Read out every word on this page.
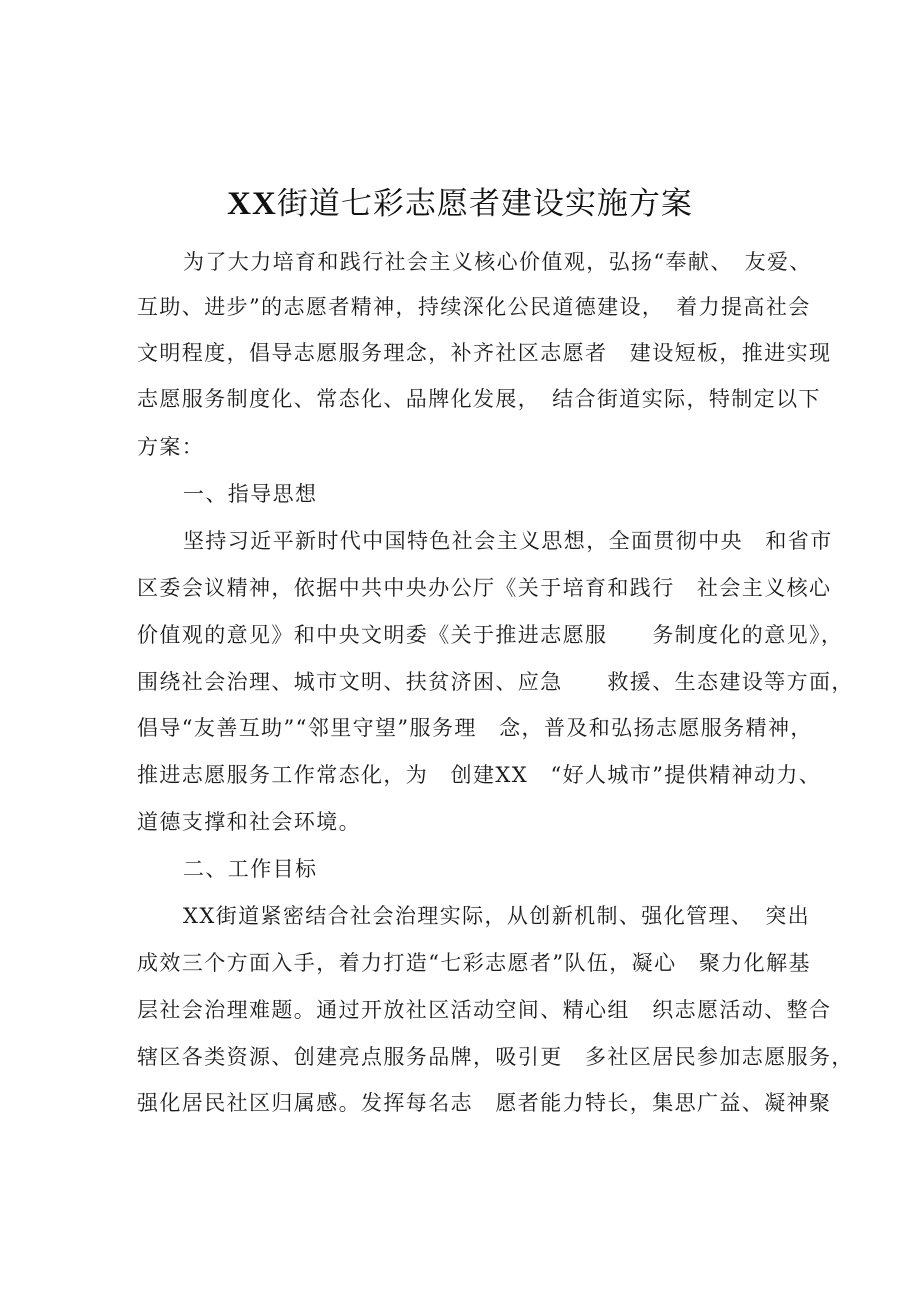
XX街道七彩志愿者建设实施方案
为了大力培育和践行社会主义核心价值观，弘扬“奉献、　友爱、
互助、进步”的志愿者精神，持续深化公民道德建设，　着力提高社会
文明程度，倡导志愿服务理念，补齐社区志愿者　建设短板，推进实现
志愿服务制度化、常态化、品牌化发展，　结合街道实际，特制定以下
方案：
一、指导思想
坚持习近平新时代中国特色社会主义思想，全面贯彻中央　和省市
区委会议精神，依据中共中央办公厅《关于培育和践行　社会主义核心
价值观的意见》和中央文明委《关于推进志愿服　　务制度化的意见》，
围绕社会治理、城市文明、扶贫济困、应急　　救援、生态建设等方面，
倡导“友善互助”“邻里守望”服务理　念，普及和弘扬志愿服务精神，
推进志愿服务工作常态化，为　创建XX　“好人城市”提供精神动力、
道德支撑和社会环境。
二、工作目标
XX街道紧密结合社会治理实际，从创新机制、强化管理、　突出
成效三个方面入手，着力打造“七彩志愿者”队伍，凝心　聚力化解基
层社会治理难题。通过开放社区活动空间、精心组　织志愿活动、整合
辖区各类资源、创建亮点服务品牌，吸引更　多社区居民参加志愿服务，
强化居民社区归属感。发挥每名志　愿者能力特长，集思广益、凝神聚
